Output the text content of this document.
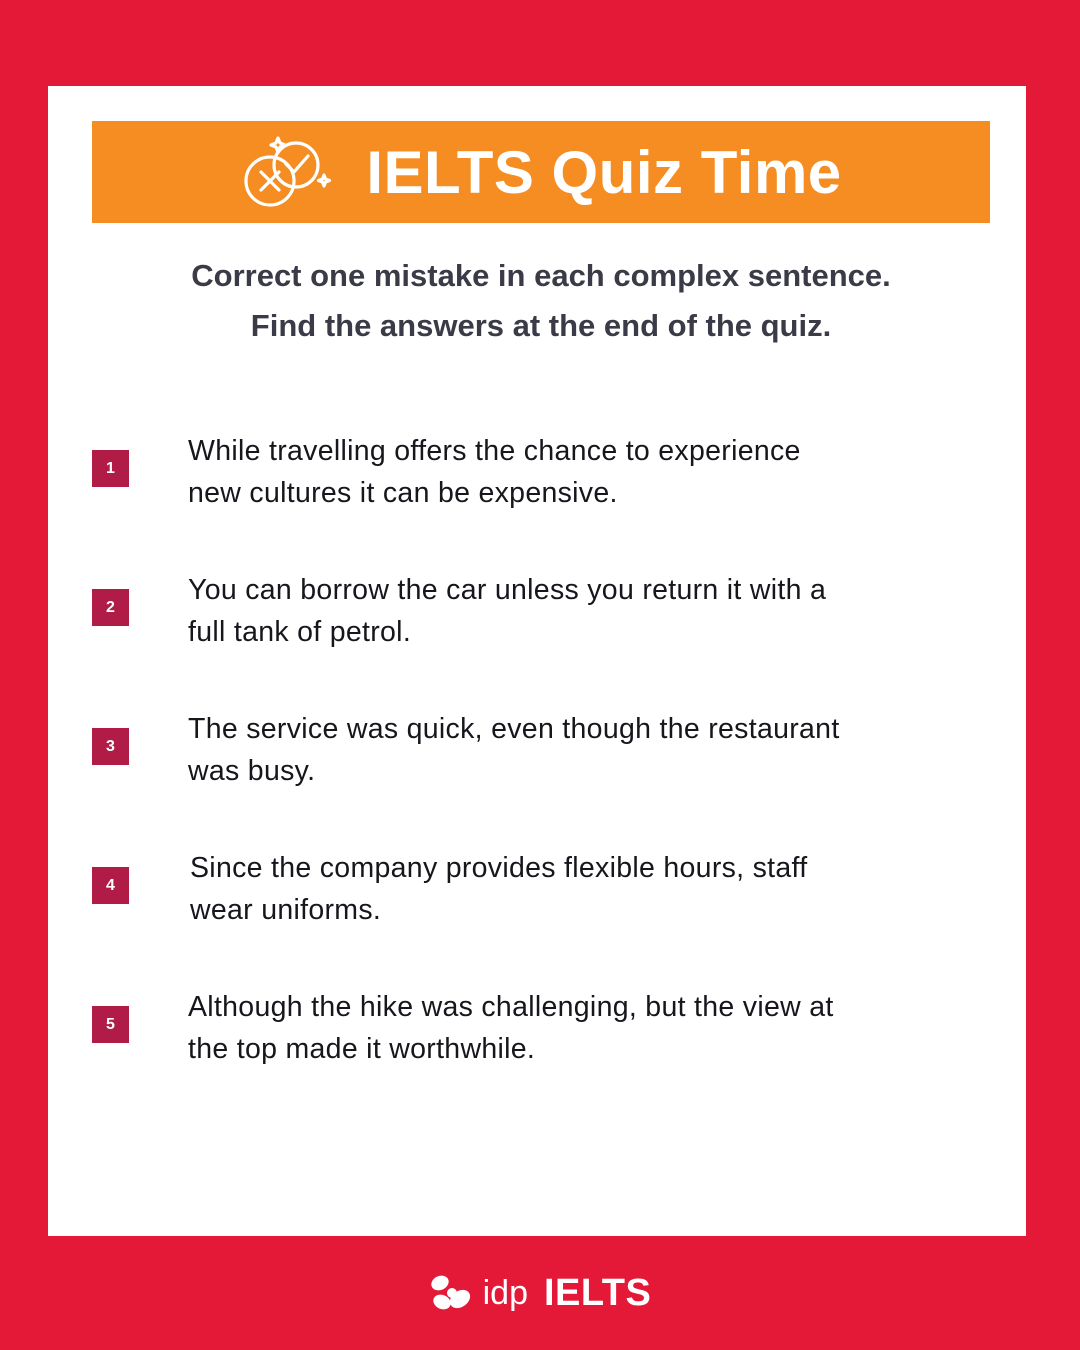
IELTS Quiz Time
Correct one mistake in each complex sentence.
Find the answers at the end of the quiz.
1
While travelling offers the chance to experience
new cultures it can be expensive.
2
You can borrow the car unless you return it with a
full tank of petrol.
3
The service was quick, even though the restaurant
was busy.
4
Since the company provides flexible hours, staff
wear uniforms.
5
Although the hike was challenging, but the view at
the top made it worthwhile.
idp IELTS
